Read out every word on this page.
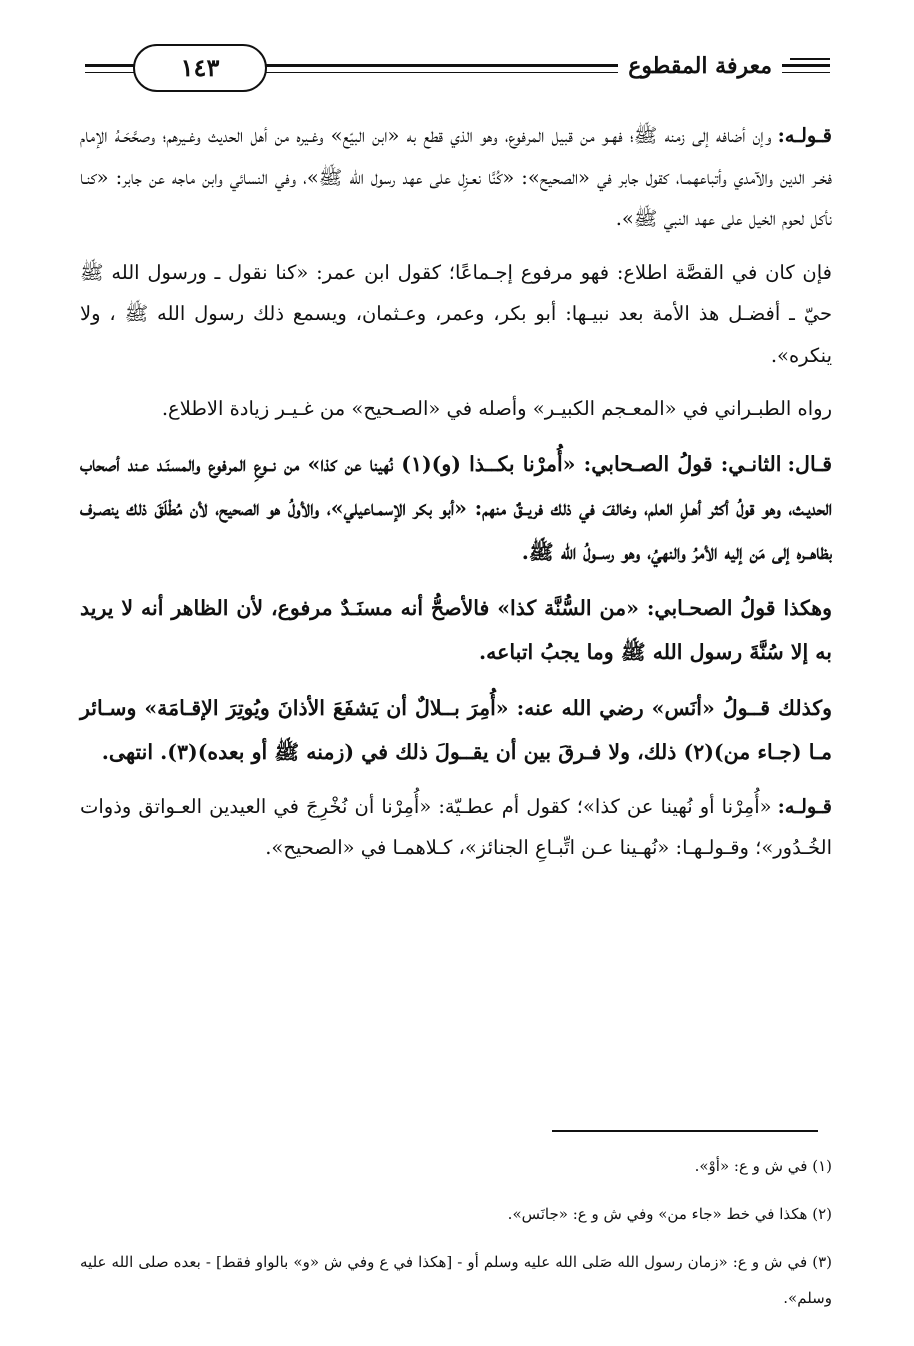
١٤٣	معرفة المقطوع

قـولـه:وإن أضافه إلى زمنه ﷺ؛ فهـو من قبيل المرفوع، وهو الذي قطع به «ابن البيّع» وغـيره من أهل الحديث وغـيرهم؛ وصحَّحَـهُ الإمام فخـر الدين والآمدي وأتباعهمـا، كقول جابر في «الصحيح»: «كُنَّا نعـزِل على عهد رسول الله ﷺ»، وفي النسائي وابن ماجه عن جابر: «كنـا نأكل لحوم الخيل على عهد النبي ﷺ».

فإن كان في القصَّة اطلاع: فهو مرفوع إجـماعًا؛ كقول ابن عمر: «كنا نقول ـ ورسول الله ﷺ حيّ ـ أفضـل هذ الأمة بعد نبيـها: أبو بكر، وعمر، وعـثمان، ويسمع ذلك رسول الله ﷺ ، ولا ينكره».

رواه الطبـراني في «المعـجم الكبيـر» وأصله في «الصـحيح» من غـيـر زيادة الاطلاع.

قـال:الثانـي: قولُ الصـحابي: «أُمرْنا بكــذا (و)(١) نُهينا عن كذا» من نــوعِ المرفوع والمسنَـد عـند أصحاب الحديـث، وهو قولُ أكثر أهـلِ العلم، وخالفَ في ذلك فريــقٌ منهم: «أبو بكر الإسمـاعيلي»، والأولُ هو الصحيح، لأن مُطْلَقَ ذلك ينصـرف بظاهــره إلى مَن إليه الأمرُ والنهيُ، وهو رســولُ الله ﷺ.

وهكذا قولُ الصحـابي: «من السُّنَّة كذا» فالأصحُّ أنه مسنَـدٌ مرفوع، لأن الظاهر أنه لا يريد به إلا سُنَّةَ رسول الله ﷺ وما يجبُ اتباعه.

وكذلك قــولُ «أنَس» رضي الله عنه: «أُمِرَ بــلالٌ أن يَشفَعَ الأذانَ ويُوتِرَ الإقـامَة» وسـائر مـا (جـاء من)(٢) ذلك، ولا فـرقَ بين أن يقــولَ ذلك في (زمنه ﷺ أو بعده)(٣). انتهى.

قـولـه:«أُمِرْنا أو نُهينا عن كذا»؛ كقول أم عطـيّة: «أُمِرْنا أن نُخْرِجَ في العيدين العـواتق وذوات الخُـدُور»؛ وقـولـهـا: «نُهـينا عـن اتِّبـاعِ الجنائز»، كـلاهمـا في «الصحيح».

(١) في ش و ع: «أوْ».

(٢) هكذا في خط «جاء من» وفي ش و ع: «جانَس».

(٣) في ش و ع: «زمان رسول الله صَلى الله عليه وسلم أو - [هكذا في ع وفي ش «و» بالواو فقط] - بعده صلى الله عليه وسلم».
